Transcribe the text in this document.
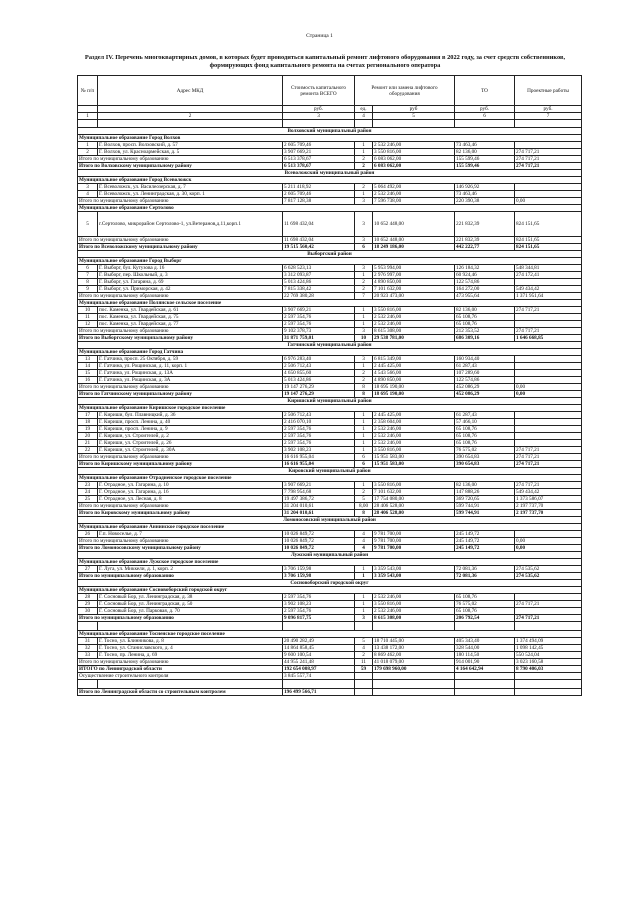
Страница 1
Раздел IV. Перечень многоквартирных домов, в которых будет проводиться капитальный ремонт лифтового оборудования в 2022 году, за счет средств собственников, формирующих фонд капитального ремонта на счетах регионального оператора
№ п/п	Адрес МКД	Стоимость капитального ремонта ВСЕГО	Ремонт или замена лифтового оборудования		ТО	Проектные работы
		руб.	ед.	руб	руб.	руб.
1	2	3	4	5	6	7

Волховский муниципальный район						
Муниципальное образование Город Волхов						
1	Г. Волхов, просп. Волховский, д. 57	2 605 709,46	1	2 532 246,00	73 463,46	
2	Г. Волхов, ул. Красноармейская, д. 5	3 907 669,21	1	3 550 816,00	82 136,00	274 717,21
Итого по муниципальному образованию		6 513 378,67	2	6 083 062,00	155 599,46	274 717,21
Итого по Волховскому муниципальному району		6 513 378,67	2	6 083 062,00	155 599,46	274 717,21
Всеволожский муниципальный район						
Муниципальное образование Город Всеволожск						
3	Г. Всеволожск, ул. Василеозерская, д. 7	5 211 418,92	2	5 064 492,00	146 926,92	
4	Г. Всеволожск, ул. Ленинградская, д. 30, корп. 1	2 605 709,46	1	2 532 246,00	73 463,46	
Итого по муниципальному образованию		7 817 128,38	3	7 596 738,00	220 390,38	0,00
Муниципальное образование Сертолово						
5	г.Сертолово, микрорайон Сертолово-1, ул.Ветеранов,д.11,корп.1	11 698 432,04	3	10 652 448,00	221 832,39	824 151,65
Итого по муниципальному образованию		11 698 432,04	3	10 652 448,00	221 832,39	824 151,65
Итого по Всеволожскому муниципальному району		19 515 560,42	6	18 249 186,00	442 222,77	824 151,65
Выборгский район						
Муниципальное образование Город Выборг						
6	Г. Выборг, бул. Кутузова д. 16	6 628 523,13	3	5 953 994,00	126 184,32	548 344,81
7	Г. Выборг, пер. Школьный, д. 3	3 312 093,87	1	2 976 997,00	60 924,46	274 172,41
8	Г. Выборг, ул. Гагарина, д. 69	5 013 424,86	2	4 890 850,00	122 574,86	
9	Г. Выборг, ул. Приморская, д. 42	7 815 338,42	2	7 101 632,00	164 272,00	549 434,42
Итого по муниципальному образованию		22 769 380,28	7	20 923 473,00	473 955,64	1 371 951,64
Муниципальное образование Полянское сельское поселение						
10	пос. Каменка, ул. Гвардейская, д. 61	3 907 669,21	1	3 550 816,00	82 136,00	274 717,21
11	пос. Каменка, ул. Гвардейская, д. 75	2 597 354,76	1	2 532 246,00	65 108,76	
12	пос. Каменка, ул. Гвардейская, д. 77	2 597 354,76	1	2 532 246,00	65 108,76	
Итого по муниципальному образованию		9 102 378,73	3	8 615 308,00	212 353,52	274 717,21
Итого по Выборгскому муниципальному району		31 871 759,01	10	29 538 781,00	686 309,16	1 646 668,85
Гатчинский муниципальный район						
Муниципальное образование Город Гатчина						
13	Г. Гатчина, просп. 25 Октября, д. 59	6 976 283,40	3	6 815 349,00	160 934,40	
14	Г. Гатчина, ул. Рощинская, д. 11, корп. 1	2 506 712,43	1	2 445 425,00	61 287,43	
15	Г. Гатчина, ул. Рощинская, д. 13А	4 650 855,60	2	4 543 566,00	107 289,60	
16	Г. Гатчина, ул. Рощинская, д. 3А	5 013 424,86	2	4 890 850,00	122 574,86	
Итого по муниципальному образованию		19 147 276,29	8	18 695 190,00	452 086,29	0,00
Итого по Гатчинскому муниципальному району		19 147 276,29	8	18 695 190,00	452 086,29	0,00
Киришский муниципальный район						
Муниципальное образование Киришское городское поселение						
17	Г. Кириши, бул. Плавницкий, д. 36	2 506 712,43	1	2 445 425,00	61 287,43	
18	Г. Кириши, просп. Ленина, д. 40	2 416 070,10	1	2 358 604,00	57 466,10	
19	Г. Кириши, просп. Ленина, д. 9	2 597 354,76	1	2 532 246,00	65 108,76	
20	Г. Кириши, ул. Строителей, д. 2	2 597 354,76	1	2 532 246,00	65 108,76	
21	Г. Кириши, ул. Строителей, д. 26	2 597 354,76	1	2 532 246,00	65 108,76	
22	Г. Кириши, ул. Строителей, д. 30А	3 902 108,23	1	3 550 816,00	76 575,02	274 717,21
Итого по муниципальному образованию		16 616 955,04	6	15 951 583,00	390 654,83	274 717,21
Итого по Киришскому муниципальному району		16 616 955,04	6	15 951 583,00	390 654,83	274 717,21
Кировский муниципальный район						
Муниципальное образование Отрадненское городское поселение						
23	Г. Отрадное, ул. Гагарина, д. 10	3 907 669,21	1	3 550 816,00	82 136,00	274 717,21
24	Г. Отрадное, ул. Гагарина, д. 16	7 798 954,68	2	7 101 632,00	147 888,26	549 434,42
25	Г. Отрадное, ул. Лесная, д. 8	19 497 386,72	5	17 754 080,00	369 720,65	1 373 586,07
Итого по муниципальному образованию		31 204 010,61	8,00	28 406 528,00	599 744,91	2 197 737,70
Итого по Кировскому муниципальному району		31 204 010,61	8	28 406 528,00	599 744,91	2 197 737,70
Ломоносовский муниципальный район						
Муниципальное образование Аннинское городское поселение						
26	Г.п. Новоселье, д. 7	10 026 849,72	4	9 781 700,00	245 149,72	
Итого по муниципальному образованию		10 026 849,72	4	9 781 700,00	245 149,72	0,00
Итого по Ломоносовскому муниципальному району		10 026 849,72	4	9 781 700,00	245 149,72	0,00
Лужский муниципальный район						
Муниципальное образование Лужское городское поселение						
27	Г. Луга, ул. Миккели, д. 1, корп. 2	3 706 159,98	1	3 359 543,00	72 081,36	274 535,62
Итого по муниципальному образованию		3 706 159,98	1	3 359 543,00	72 081,36	274 535,62
Сосновоборский городской округ						
Муниципальное образование Сосновоборский городской округ						
28	Г. Сосновый Бор, ул. Ленинградская, д. 38	2 597 354,76	1	2 532 246,00	65 108,76	
29	Г. Сосновый Бор, ул. Ленинградская, д. 50	3 902 108,23	1	3 550 816,00	76 575,02	274 717,21
30	Г. Сосновый Бор, ул. Парковая, д. 70	2 597 354,76	1	2 532 246,00	65 108,76	
Итого по муниципальному образованию		9 096 817,75	3	8 615 308,00	206 792,54	274 717,21

Муниципальное образование Тосненское городское поселение						
31	Г. Тосно, ул. Блинникова, д. 8	20 490 282,49	5	18 710 445,00	405 343,40	1 374 494,09
32	Г. Тосно, ул. Станиславского, д. 4	14 864 858,45	4	13 438 172,00	328 544,00	1 098 142,45
33	Г. Тосно, пр. Ленина, д. 69	9 600 100,54	2	8 869 462,00	180 114,50	550 524,04
Итого по муниципальному образованию		44 955 241,48	11	41 018 079,00	914 001,90	3 023 160,58
ИТОГО по Ленинградской области		192 654 008,97	59	179 698 960,00	4 164 642,94	8 790 406,03
Осуществление строительного контроля		3 845 557,74				

Итого по Ленинградской области со строительным контролем		196 499 566,71				
